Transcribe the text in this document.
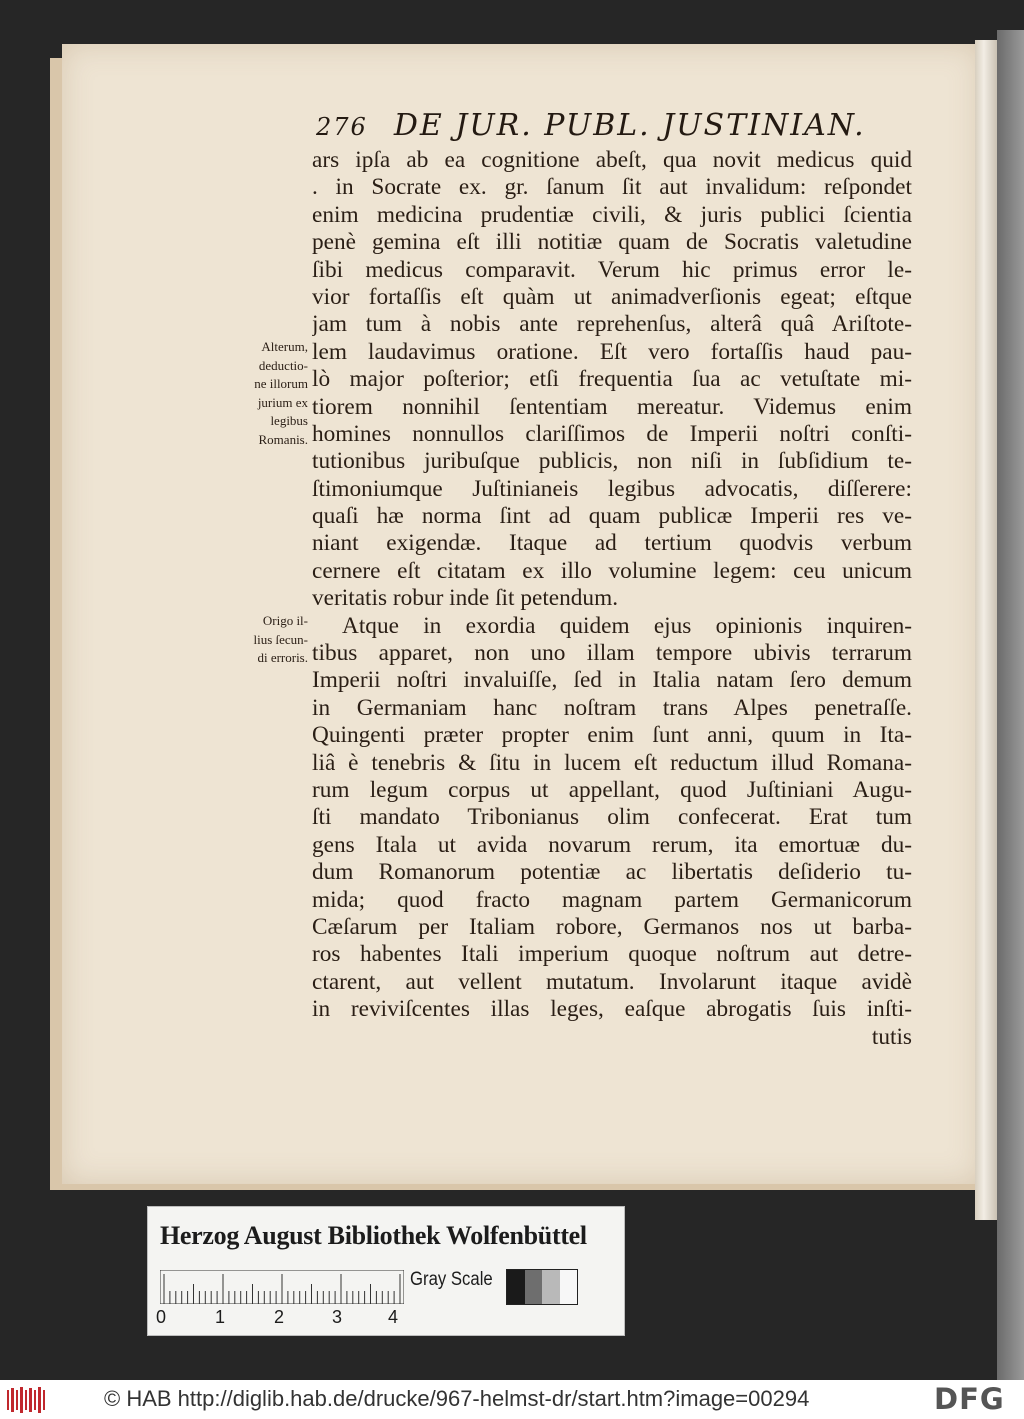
276 DE JUR. PUBL. JUSTINIAN.
Alterum,
deductio-
ne illorum
jurium ex
legibus
Romanis.
Origo il-
lius ſecun-
di erroris.
ars ipſa ab ea cognitione abeſt, qua novit medicus quid
. in Socrate ex. gr. ſanum ſit aut invalidum: reſpondet
enim medicina prudentiæ civili, & juris publici ſcientia
penè gemina eſt illi notitiæ quam de Socratis valetudine
ſibi medicus comparavit. Verum hic primus error le-
vior fortaſſis eſt quàm ut animadverſionis egeat; eſtque
jam tum à nobis ante reprehenſus, alterâ quâ Ariſtote-
lem laudavimus oratione. Eſt vero fortaſſis haud pau-
lò major poſterior; etſi frequentia ſua ac vetuſtate mi-
tiorem nonnihil ſententiam mereatur. Videmus enim
homines nonnullos clariſſimos de Imperii noſtri conſti-
tutionibus juribuſque publicis, non niſi in ſubſidium te-
ſtimoniumque Juſtinianeis legibus advocatis, diſſerere:
quaſi hæ norma ſint ad quam publicæ Imperii res ve-
niant exigendæ. Itaque ad tertium quodvis verbum
cernere eſt citatam ex illo volumine legem: ceu unicum
veritatis robur inde ſit petendum.
Atque in exordia quidem ejus opinionis inquiren-
tibus apparet, non uno illam tempore ubivis terrarum
Imperii noſtri invaluiſſe, ſed in Italia natam ſero demum
in Germaniam hanc noſtram trans Alpes penetraſſe.
Quingenti præter propter enim ſunt anni, quum in Ita-
liâ è tenebris & ſitu in lucem eſt reductum illud Romana-
rum legum corpus ut appellant, quod Juſtiniani Augu-
ſti mandato Tribonianus olim confecerat. Erat tum
gens Itala ut avida novarum rerum, ita emortuæ du-
dum Romanorum potentiæ ac libertatis deſiderio tu-
mida; quod fracto magnam partem Germanicorum
Cæſarum per Italiam robore, Germanos nos ut barba-
ros habentes Itali imperium quoque noſtrum aut detre-
ctarent, aut vellent mutatum. Involarunt itaque avidè
in reviviſcentes illas leges, eaſque abrogatis ſuis inſti-
tutis
Herzog August Bibliothek Wolfenbüttel
Gray Scale
0	1	2	3	4
© HAB http://diglib.hab.de/drucke/967-helmst-dr/start.htm?image=00294	DFG
